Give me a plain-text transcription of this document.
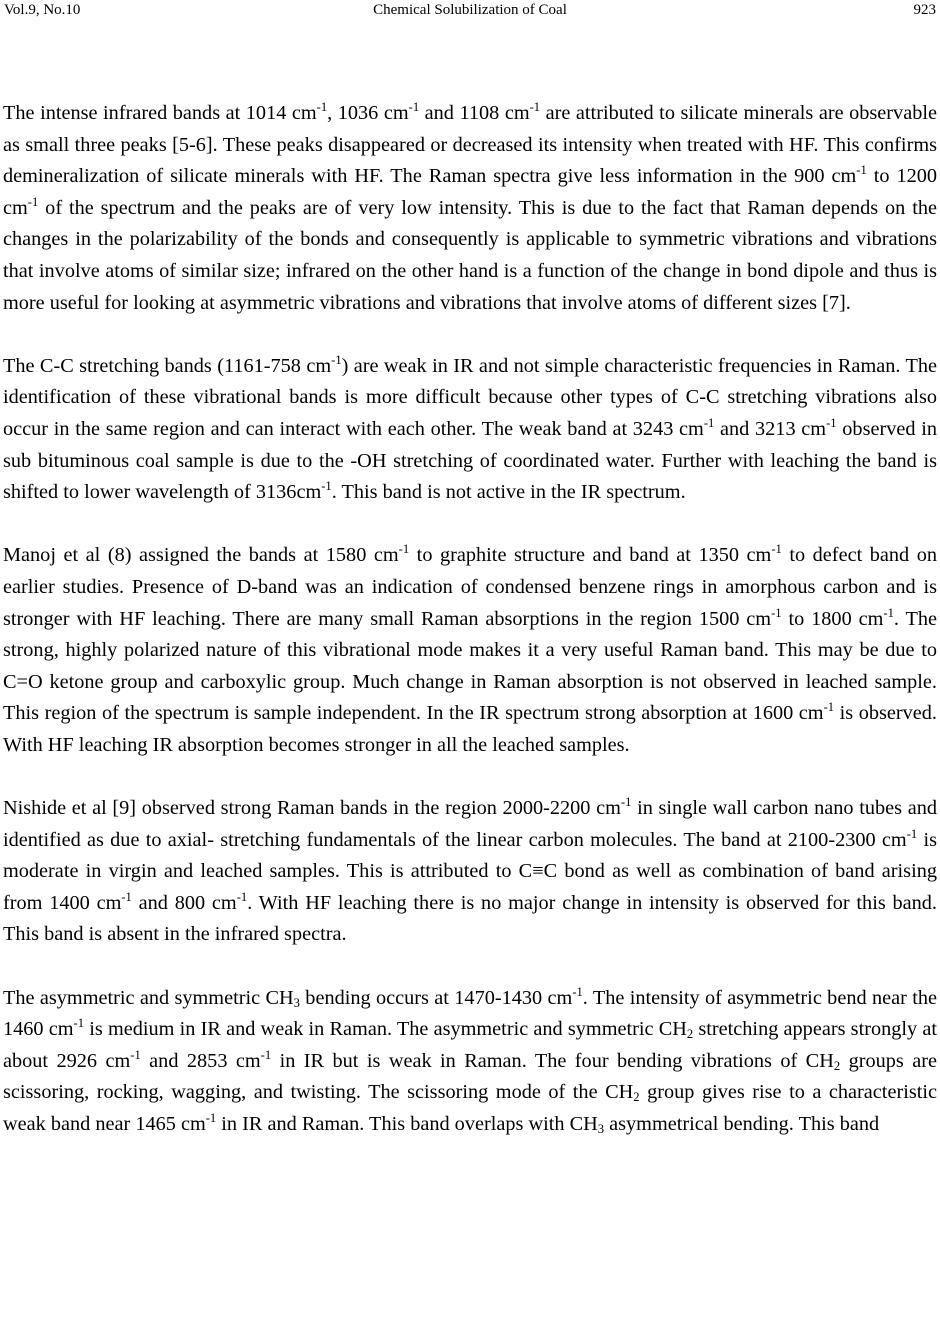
Vol.9, No.10	Chemical Solubilization of Coal	923

The intense infrared bands at 1014 $cm^{-1}$, 1036 $cm^{-1}$ and 1108 $cm^{-1}$ are attributed to silicate minerals are observable as small three peaks [5-6]. These peaks disappeared or decreased its intensity when treated with HF. This confirms demineralization of silicate minerals with HF. The Raman spectra give less information in the 900 $cm^{-1}$ to 1200 $cm^{-1}$ of the spectrum and the peaks are of very low intensity. This is due to the fact that Raman depends on the changes in the polarizability of the bonds and consequently is applicable to symmetric vibrations and vibrations that involve atoms of similar size; infrared on the other hand is a function of the change in bond dipole and thus is more useful for looking at asymmetric vibrations and vibrations that involve atoms of different sizes [7].

The C-C stretching bands (1161-758 $cm^{-1}$) are weak in IR and not simple characteristic frequencies in Raman. The identification of these vibrational bands is more difficult because other types of C-C stretching vibrations also occur in the same region and can interact with each other. The weak band at 3243 $cm^{-1}$ and 3213 $cm^{-1}$ observed in sub bituminous coal sample is due to the -OH stretching of coordinated water. Further with leaching the band is shifted to lower wavelength of $3136cm^{-1}$. This band is not active in the IR spectrum.

Manoj et al (8) assigned the bands at 1580 $cm^{-1}$ to graphite structure and band at 1350 $cm^{-1}$ to defect band on earlier studies. Presence of D-band was an indication of condensed benzene rings in amorphous carbon and is stronger with HF leaching. There are many small Raman absorptions in the region 1500 $cm^{-1}$ to 1800 $cm^{-1}$. The strong, highly polarized nature of this vibrational mode makes it a very useful Raman band. This may be due to C=O ketone group and carboxylic group. Much change in Raman absorption is not observed in leached sample. This region of the spectrum is sample independent. In the IR spectrum strong absorption at 1600 $cm^{-1}$ is observed. With HF leaching IR absorption becomes stronger in all the leached samples.

Nishide et al [9] observed strong Raman bands in the region 2000-2200 $cm^{-1}$ in single wall carbon nano tubes and identified as due to axial- stretching fundamentals of the linear carbon molecules. The band at 2100-2300 $cm^{-1}$ is moderate in virgin and leached samples. This is attributed to C≡C bond as well as combination of band arising from 1400 $cm^{-1}$ and 800 $cm^{-1}$. With HF leaching there is no major change in intensity is observed for this band. This band is absent in the infrared spectra.

The asymmetric and symmetric $CH_3$ bending occurs at 1470-1430 $cm^{-1}$. The intensity of asymmetric bend near the 1460 $cm^{-1}$ is medium in IR and weak in Raman. The asymmetric and symmetric $CH_2$ stretching appears strongly at about 2926 $cm^{-1}$ and 2853 $cm^{-1}$ in IR but is weak in Raman. The four bending vibrations of $CH_2$ groups are scissoring, rocking, wagging, and twisting. The scissoring mode of the $CH_2$ group gives rise to a characteristic weak band near 1465 $cm^{-1}$ in IR and Raman. This band overlaps with $CH_3$ asymmetrical bending. This band
